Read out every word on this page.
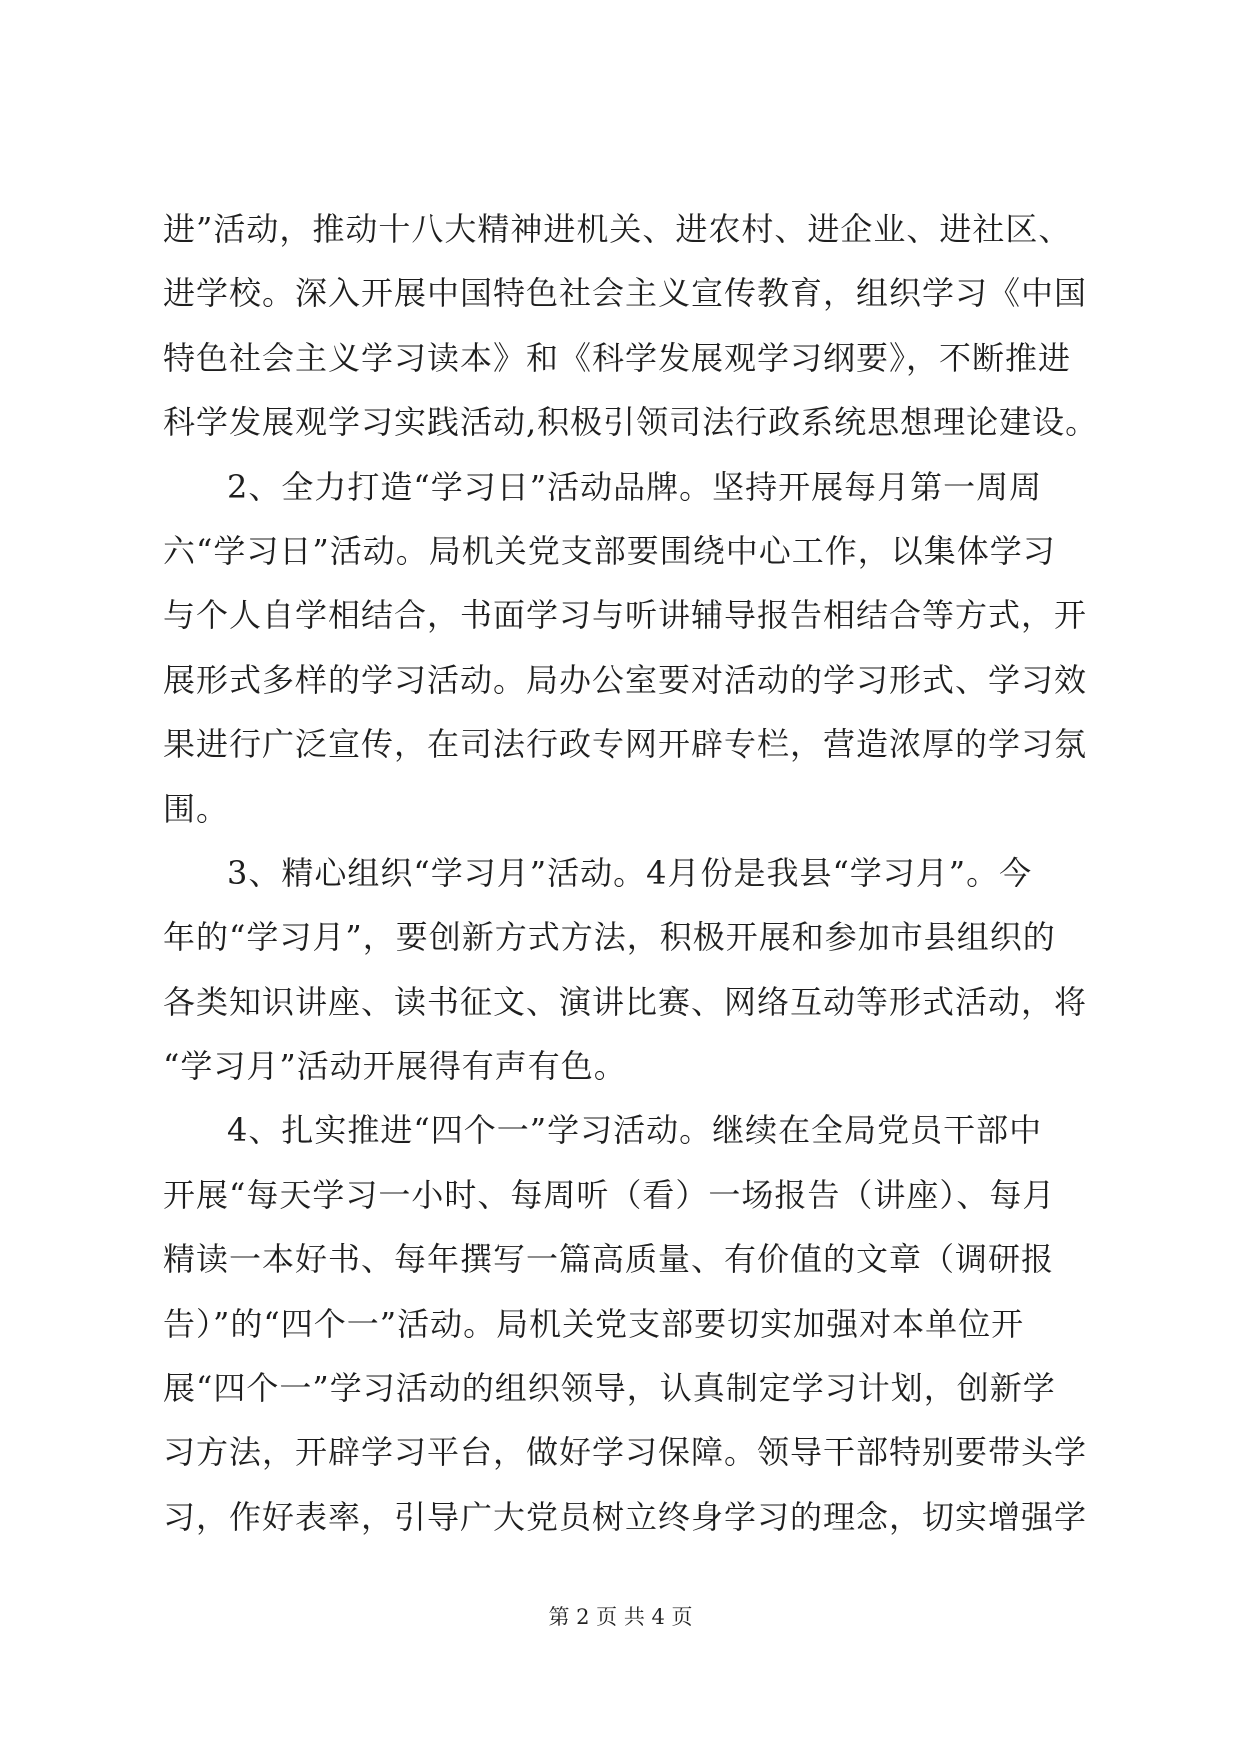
进”活动，推动十八大精神进机关、进农村、进企业、进社区、
进学校。深入开展中国特色社会主义宣传教育，组织学习《中国
特色社会主义学习读本》和《科学发展观学习纲要》，不断推进
科学发展观学习实践活动,积极引领司法行政系统思想理论建设。
2、全力打造“学习日”活动品牌。坚持开展每月第一周周
六“学习日”活动。局机关党支部要围绕中心工作，以集体学习
与个人自学相结合，书面学习与听讲辅导报告相结合等方式，开
展形式多样的学习活动。局办公室要对活动的学习形式、学习效
果进行广泛宣传，在司法行政专网开辟专栏，营造浓厚的学习氛
围。
3、精心组织“学习月”活动。4月份是我县“学习月”。今
年的“学习月”，要创新方式方法，积极开展和参加市县组织的
各类知识讲座、读书征文、演讲比赛、网络互动等形式活动，将
“学习月”活动开展得有声有色。
4、扎实推进“四个一”学习活动。继续在全局党员干部中
开展“每天学习一小时、每周听（看）一场报告（讲座）、每月
精读一本好书、每年撰写一篇高质量、有价值的文章（调研报
告）”的“四个一”活动。局机关党支部要切实加强对本单位开
展“四个一”学习活动的组织领导，认真制定学习计划，创新学
习方法，开辟学习平台，做好学习保障。领导干部特别要带头学
习，作好表率，引导广大党员树立终身学习的理念，切实增强学
第 2 页 共 4 页
